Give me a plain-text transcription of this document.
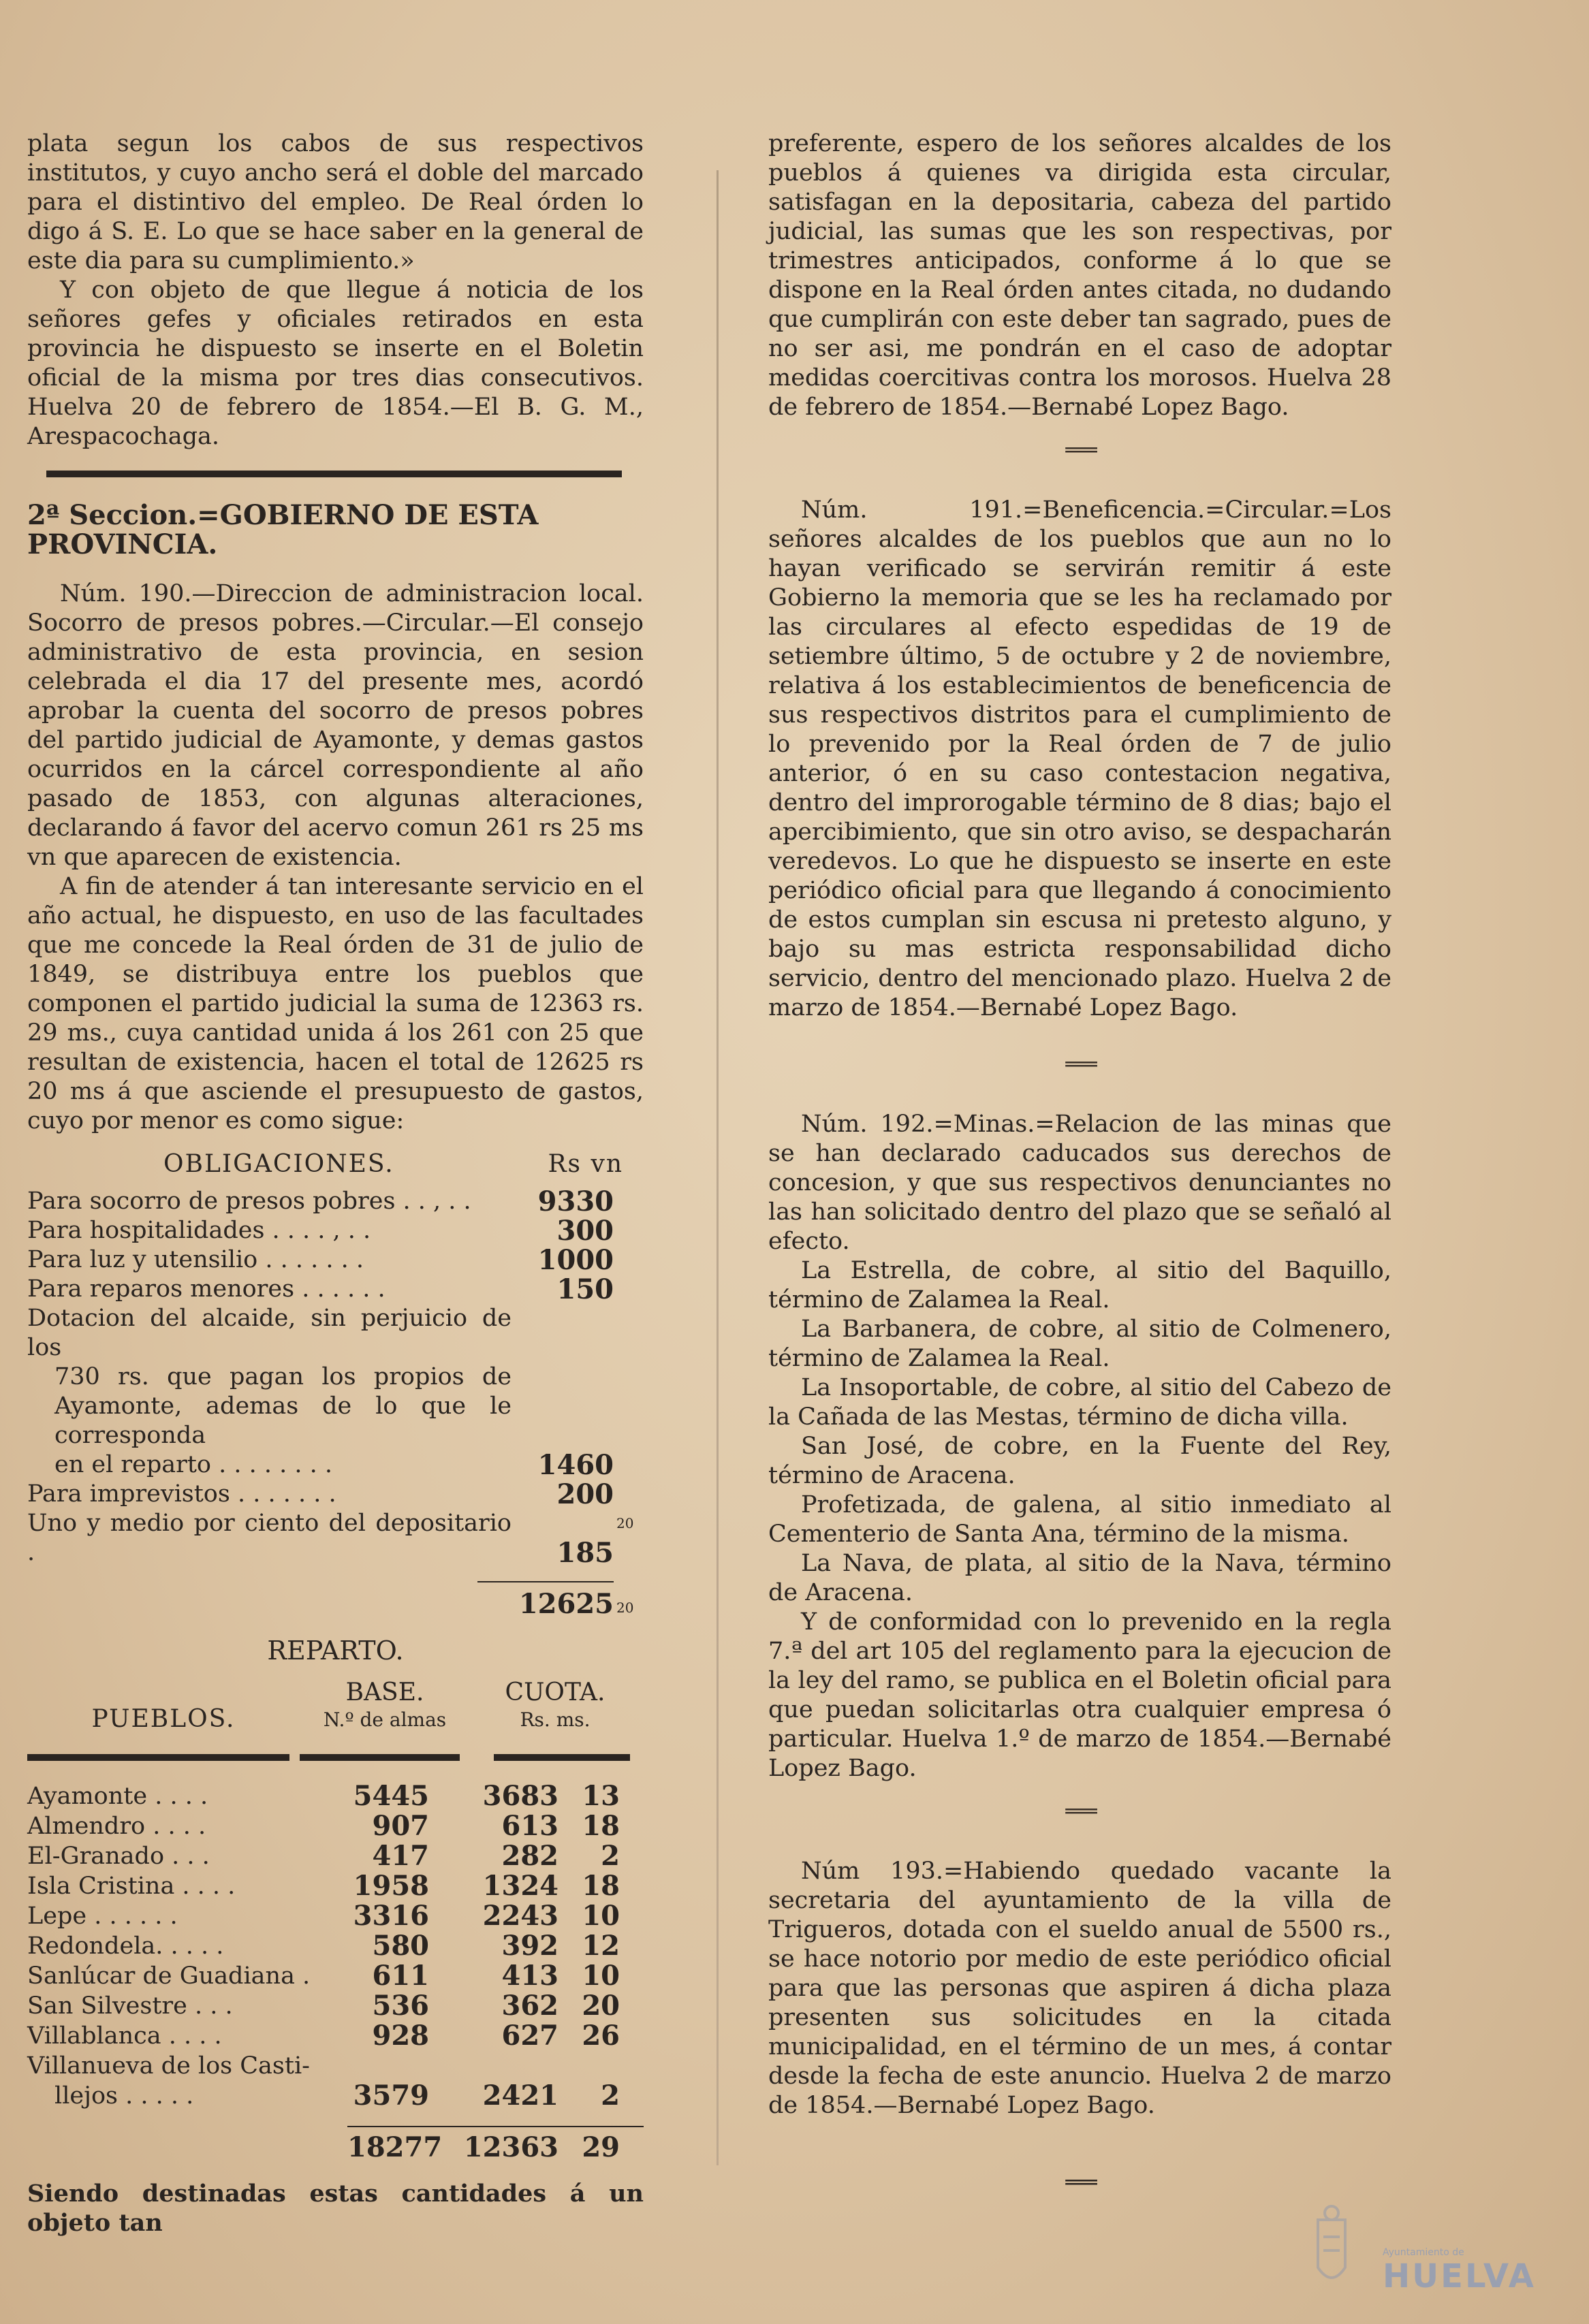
plata segun los cabos de sus respectivos institutos, y cuyo ancho será el doble del marcado para el distintivo del empleo. De Real órden lo digo á S. E. Lo que se hace saber en la general de este dia para su cumplimiento.»

Y con objeto de que llegue á noticia de los señores gefes y oficiales retirados en esta provincia he dispuesto se inserte en el Boletin oficial de la misma por tres dias consecutivos. Huelva 20 de febrero de 1854.—El B. G. M., Arespacochaga.

2ª Seccion.=GOBIERNO DE ESTA PROVINCIA.

Núm. 190.—Direccion de administracion local. Socorro de presos pobres.—Circular.—El consejo administrativo de esta provincia, en sesion celebrada el dia 17 del presente mes, acordó aprobar la cuenta del socorro de presos pobres del partido judicial de Ayamonte, y demas gastos ocurridos en la cárcel correspondiente al año pasado de 1853, con algunas alteraciones, declarando á favor del acervo comun 261 rs 25 ms vn que aparecen de existencia.

A fin de atender á tan interesante servicio en el año actual, he dispuesto, en uso de las facultades que me concede la Real órden de 31 de julio de 1849, se distribuya entre los pueblos que componen el partido judicial la suma de 12363 rs. 29 ms., cuya cantidad unida á los 261 con 25 que resultan de existencia, hacen el total de 12625 rs 20 ms á que asciende el presupuesto de gastos, cuyo por menor es como sigue:

OBLIGACIONES.	Rs vn
Para socorro de presos pobres . . , . .	9330
Para hospitalidades . . . . , . .	300
Para luz y utensilio . . . . . . .	1000
Para reparos menores . . . . . .	150
Dotacion del alcaide, sin perjuicio de los
730 rs. que pagan los propios de Ayamonte, ademas de lo que le corresponda
en el reparto . . . . . . . .	1460
Para imprevistos . . . . . . .	200
Uno y medio por ciento del depositario .	185
20
12625 20

REPARTO.

PUEBLOS.
BASE.
N.º de almas
CUOTA.
Rs. ms.
Ayamonte . . . .	5445	3683 13
Almendro . . . .	907	613 18
El-Granado . . .	417	282	2
Isla Cristina . . . .	1958	1324 18
Lepe . . . . . .	3316	2243 10
Redondela. . . . .	580	392 12
Sanlúcar de Guadiana .	611	413 10
San Silvestre . . .	536	362 20
Villablanca . . . .	928	627 26
Villanueva de los Casti-
llejos . . . . .	3579	2421	2
18277 12363 29

Siendo destinadas estas cantidades á un objeto tan

preferente, espero de los señores alcaldes de los pueblos á quienes va dirigida esta circular, satisfagan en la depositaria, cabeza del partido judicial, las sumas que les son respectivas, por trimestres anticipados, conforme á lo que se dispone en la Real órden antes citada, no dudando que cumplirán con este deber tan sagrado, pues de no ser asi, me pondrán en el caso de adoptar medidas coercitivas contra los morosos. Huelva 28 de febrero de 1854.—Bernabé Lopez Bago.

═══

Núm. 191.=Beneficencia.=Circular.=Los señores alcaldes de los pueblos que aun no lo hayan verificado se servirán remitir á este Gobierno la memoria que se les ha reclamado por las circulares al efecto espedidas de 19 de setiembre último, 5 de octubre y 2 de noviembre, relativa á los establecimientos de beneficencia de sus respectivos distritos para el cumplimiento de lo prevenido por la Real órden de 7 de julio anterior, ó en su caso contestacion negativa, dentro del improrogable término de 8 dias; bajo el apercibimiento, que sin otro aviso, se despacharán veredevos. Lo que he dispuesto se inserte en este periódico oficial para que llegando á conocimiento de estos cumplan sin escusa ni pretesto alguno, y bajo su mas estricta responsabilidad dicho servicio, dentro del mencionado plazo. Huelva 2 de marzo de 1854.—Bernabé Lopez Bago.

═══

Núm. 192.=Minas.=Relacion de las minas que se han declarado caducados sus derechos de concesion, y que sus respectivos denunciantes no las han solicitado dentro del plazo que se señaló al efecto.

La Estrella, de cobre, al sitio del Baquillo, término de Zalamea la Real.

La Barbanera, de cobre, al sitio de Colmenero, término de Zalamea la Real.

La Insoportable, de cobre, al sitio del Cabezo de la Cañada de las Mestas, término de dicha villa.

San José, de cobre, en la Fuente del Rey, término de Aracena.

Profetizada, de galena, al sitio inmediato al Cementerio de Santa Ana, término de la misma.

La Nava, de plata, al sitio de la Nava, término de Aracena.

Y de conformidad con lo prevenido en la regla 7.ª del art 105 del reglamento para la ejecucion de la ley del ramo, se publica en el Boletin oficial para que puedan solicitarlas otra cualquier empresa ó particular. Huelva 1.º de marzo de 1854.—Bernabé Lopez Bago.

═══

Núm 193.=Habiendo quedado vacante la secretaria del ayuntamiento de la villa de Trigueros, dotada con el sueldo anual de 5500 rs., se hace notorio por medio de este periódico oficial para que las personas que aspiren á dicha plaza presenten sus solicitudes en la citada municipalidad, en el término de un mes, á contar desde la fecha de este anuncio. Huelva 2 de marzo de 1854.—Bernabé Lopez Bago.

═══
Ayuntamiento de
HUELVA
